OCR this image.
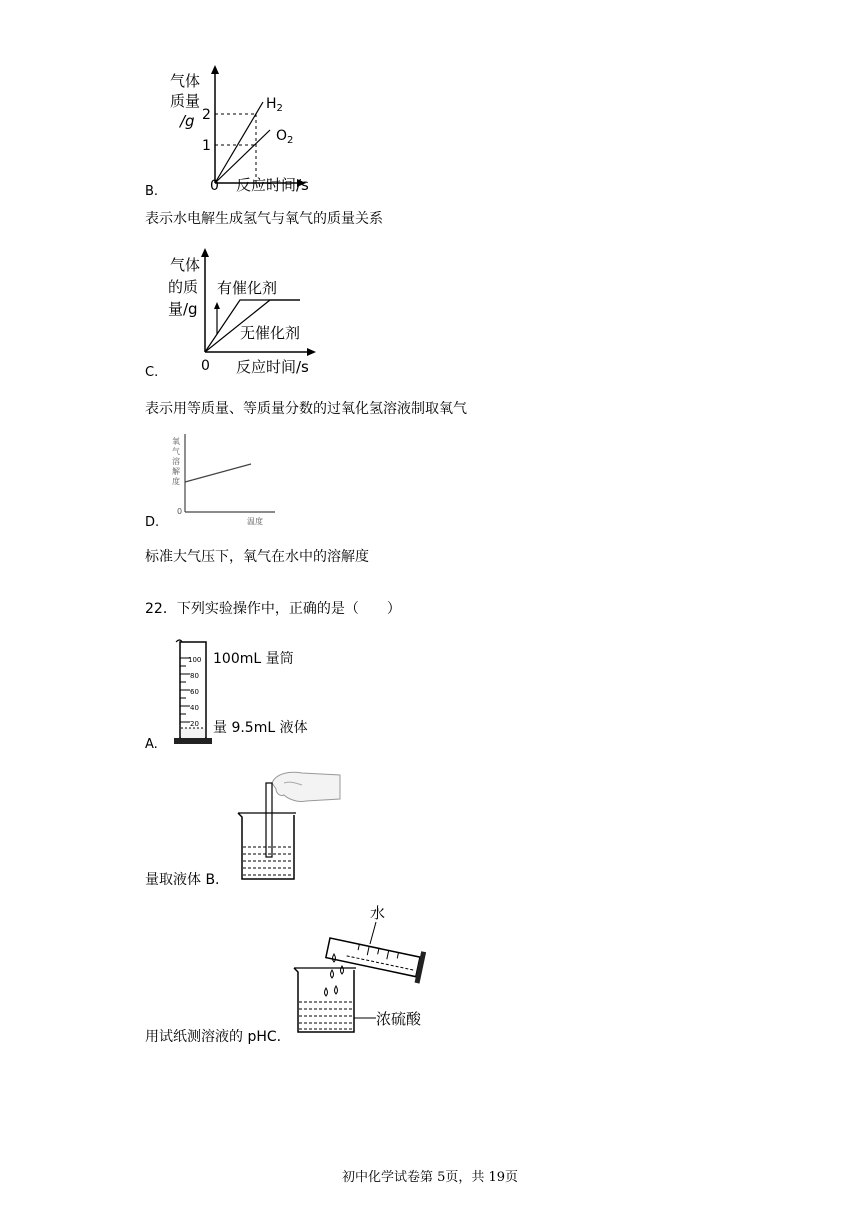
气体
质量
/g 2
1
0 反应时间/s
$H_2$
$O_2$
B.
表示水电解生成氢气与氧气的质量关系
气体
的质
量/g
有催化剂
无催化剂
0 反应时间/s
C.
表示用等质量、等质量分数的过氧化氢溶液制取氧气
氧
气
溶
解
度
0
温度
D.
标准大气压下，氧气在水中的溶解度
22．下列实验操作中，正确的是（　　）
100
80
60
40
20
100mL 量筒
量 9.5mL 液体
A.
量取液体 B.
水
浓硫酸
用试纸测溶液的 pHC.
初中化学试卷第 5页，共 19页
